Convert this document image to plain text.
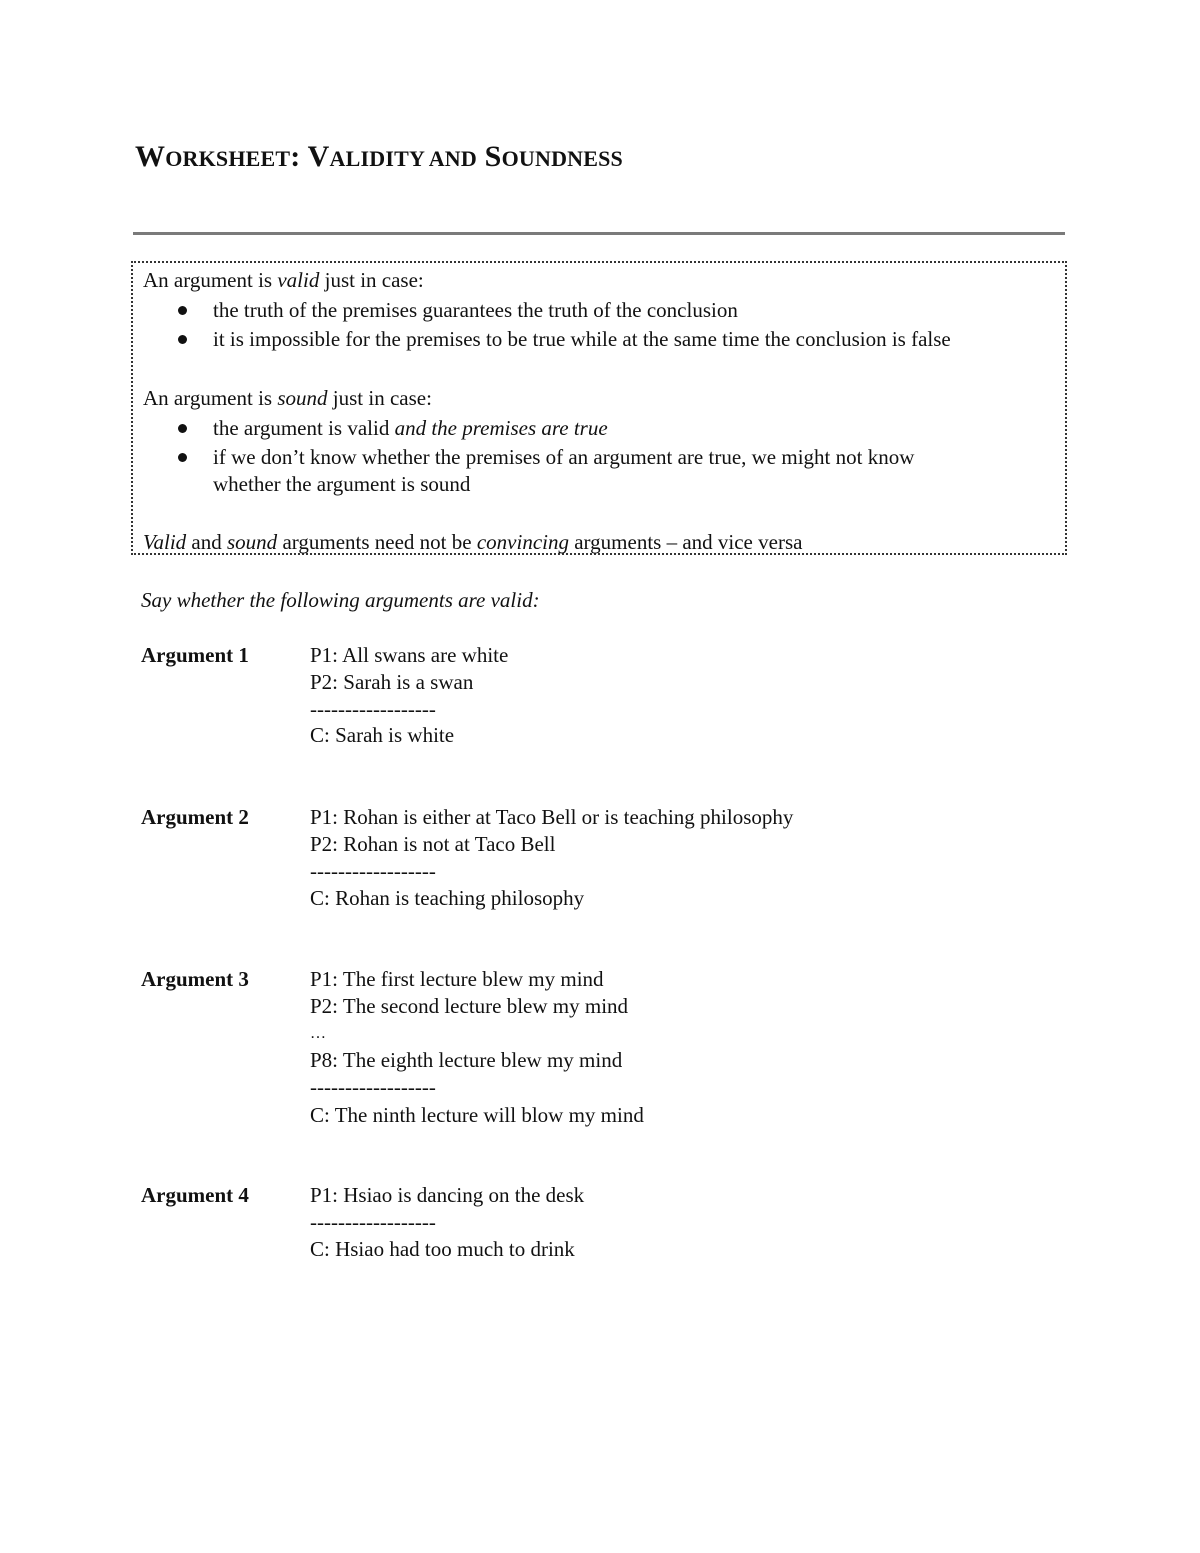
WORKSHEET: VALIDITY AND SOUNDNESS
An argument is valid just in case:
the truth of the premises guarantees the truth of the conclusion
it is impossible for the premises to be true while at the same time the conclusion is false
An argument is sound just in case:
the argument is valid and the premises are true
if we don’t know whether the premises of an argument are true, we might not know
whether the argument is sound
Valid and sound arguments need not be convincing arguments – and vice versa
Say whether the following arguments are valid:
Argument 1	P1: All swans are white
P2: Sarah is a swan
------------------
C: Sarah is white
Argument 2	P1: Rohan is either at Taco Bell or is teaching philosophy
P2: Rohan is not at Taco Bell
------------------
C: Rohan is teaching philosophy
Argument 3	P1: The first lecture blew my mind
P2: The second lecture blew my mind
…
P8: The eighth lecture blew my mind
------------------
C: The ninth lecture will blow my mind
Argument 4	P1: Hsiao is dancing on the desk
------------------
C: Hsiao had too much to drink
